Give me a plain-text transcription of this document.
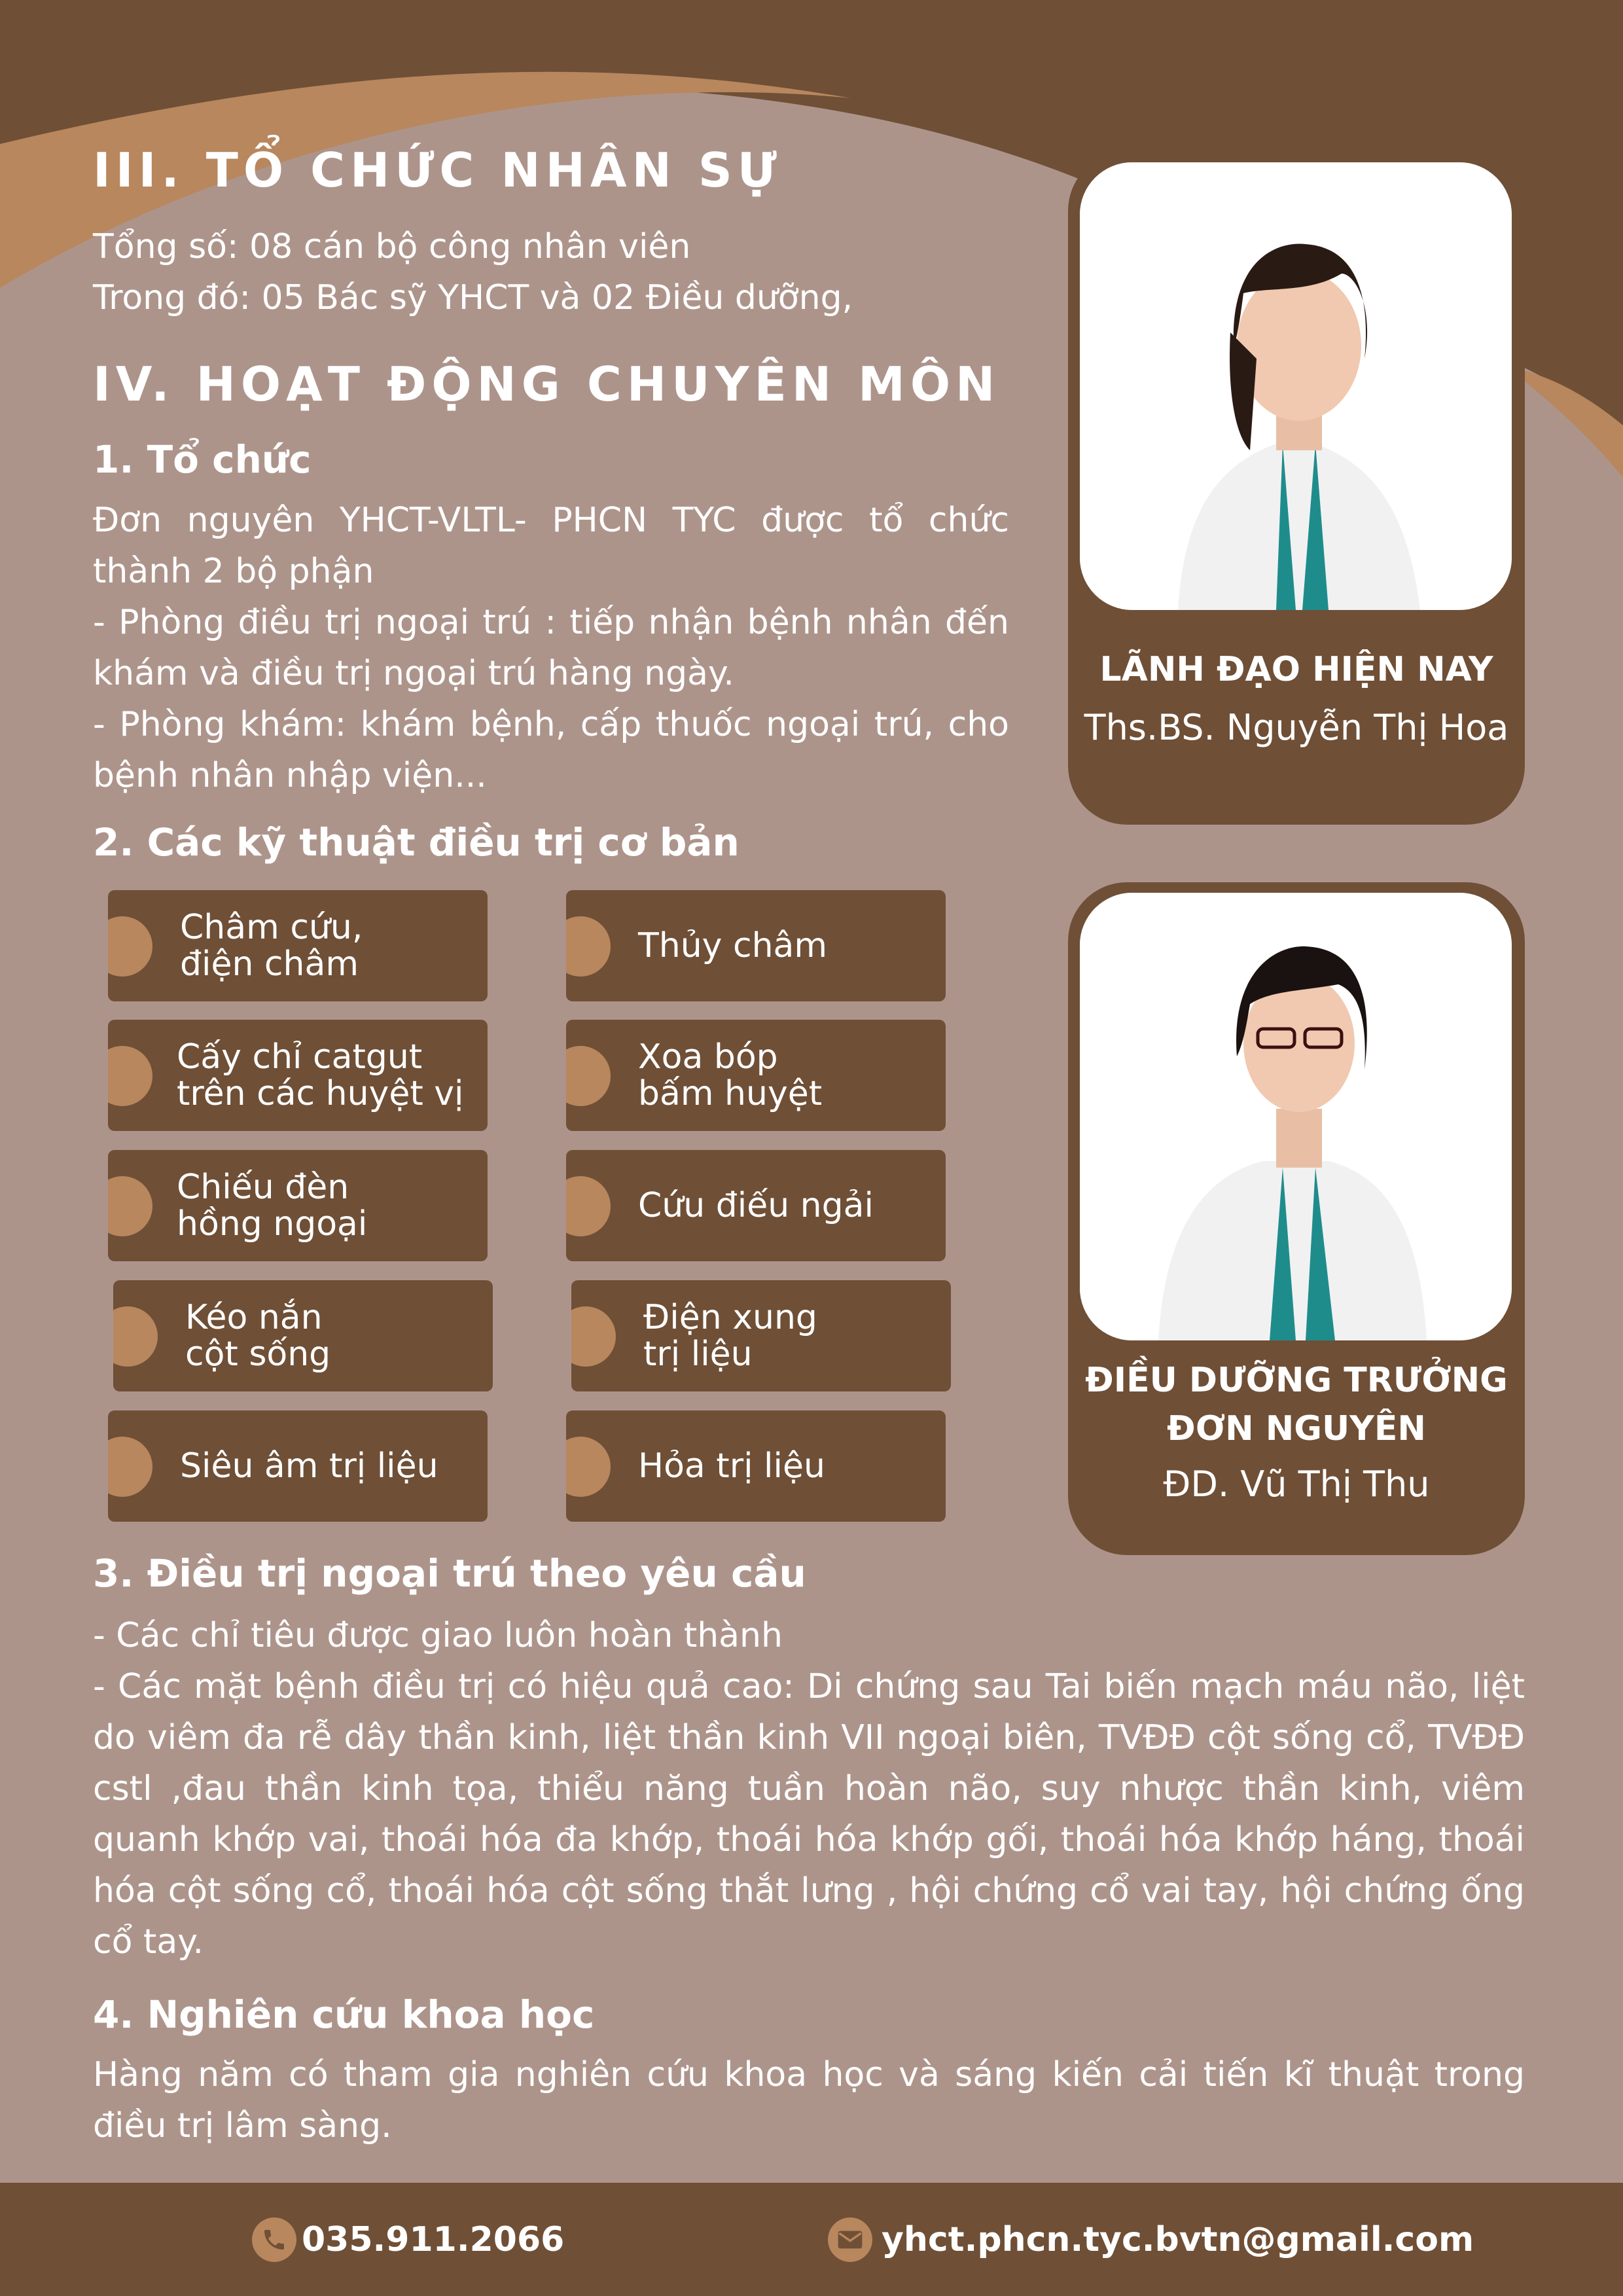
III. TỔ CHỨC NHÂN SỰ

Tổng số: 08 cán bộ công nhân viên

Trong đó: 05 Bác sỹ YHCT và 02 Điều dưỡng,

IV. HOẠT ĐỘNG CHUYÊN MÔN
1. Tổ chức

Đơn nguyên YHCT-VLTL- PHCN TYC được tổ chức

thành 2 bộ phận

- Phòng điều trị ngoại trú : tiếp nhận bệnh nhân đến

khám và điều trị ngoại trú hàng ngày.

- Phòng khám: khám bệnh, cấp thuốc ngoại trú, cho

bệnh nhân nhập viện...

2. Các kỹ thuật điều trị cơ bản
Châm cứu,
điện châm	Thủy châm
Cấy chỉ catgut
trên các huyệt vị
Xoa bóp
bấm huyệt
Chiếu đèn
hồng ngoại	Cứu điếu ngải
Kéo nắn
cột sống
Điện xung
trị liệu
Siêu âm trị liệu	Hỏa trị liệu
3. Điều trị ngoại trú theo yêu cầu

- Các chỉ tiêu được giao luôn hoàn thành

- Các mặt bệnh điều trị có hiệu quả cao: Di chứng sau Tai biến mạch máu não, liệt

do viêm đa rễ dây thần kinh, liệt thần kinh VII ngoại biên, TVĐĐ cột sống cổ, TVĐĐ

cstl ,đau thần kinh tọa, thiểu năng tuần hoàn não, suy nhược thần kinh, viêm

quanh khớp vai, thoái hóa đa khớp, thoái hóa khớp gối, thoái hóa khớp háng, thoái

hóa cột sống cổ, thoái hóa cột sống thắt lưng , hội chứng cổ vai tay, hội chứng ống

cổ tay.

4. Nghiên cứu khoa học

Hàng năm có tham gia nghiên cứu khoa học và sáng kiến cải tiến kĩ thuật trong

điều trị lâm sàng.

LÃNH ĐẠO HIỆN NAY
Ths.BS. Nguyễn Thị Hoa
ĐIỀU DƯỠNG TRƯỞNG
ĐƠN NGUYÊN
ĐD. Vũ Thị Thu
035.911.2066	yhct.phcn.tyc.bvtn@gmail.com
